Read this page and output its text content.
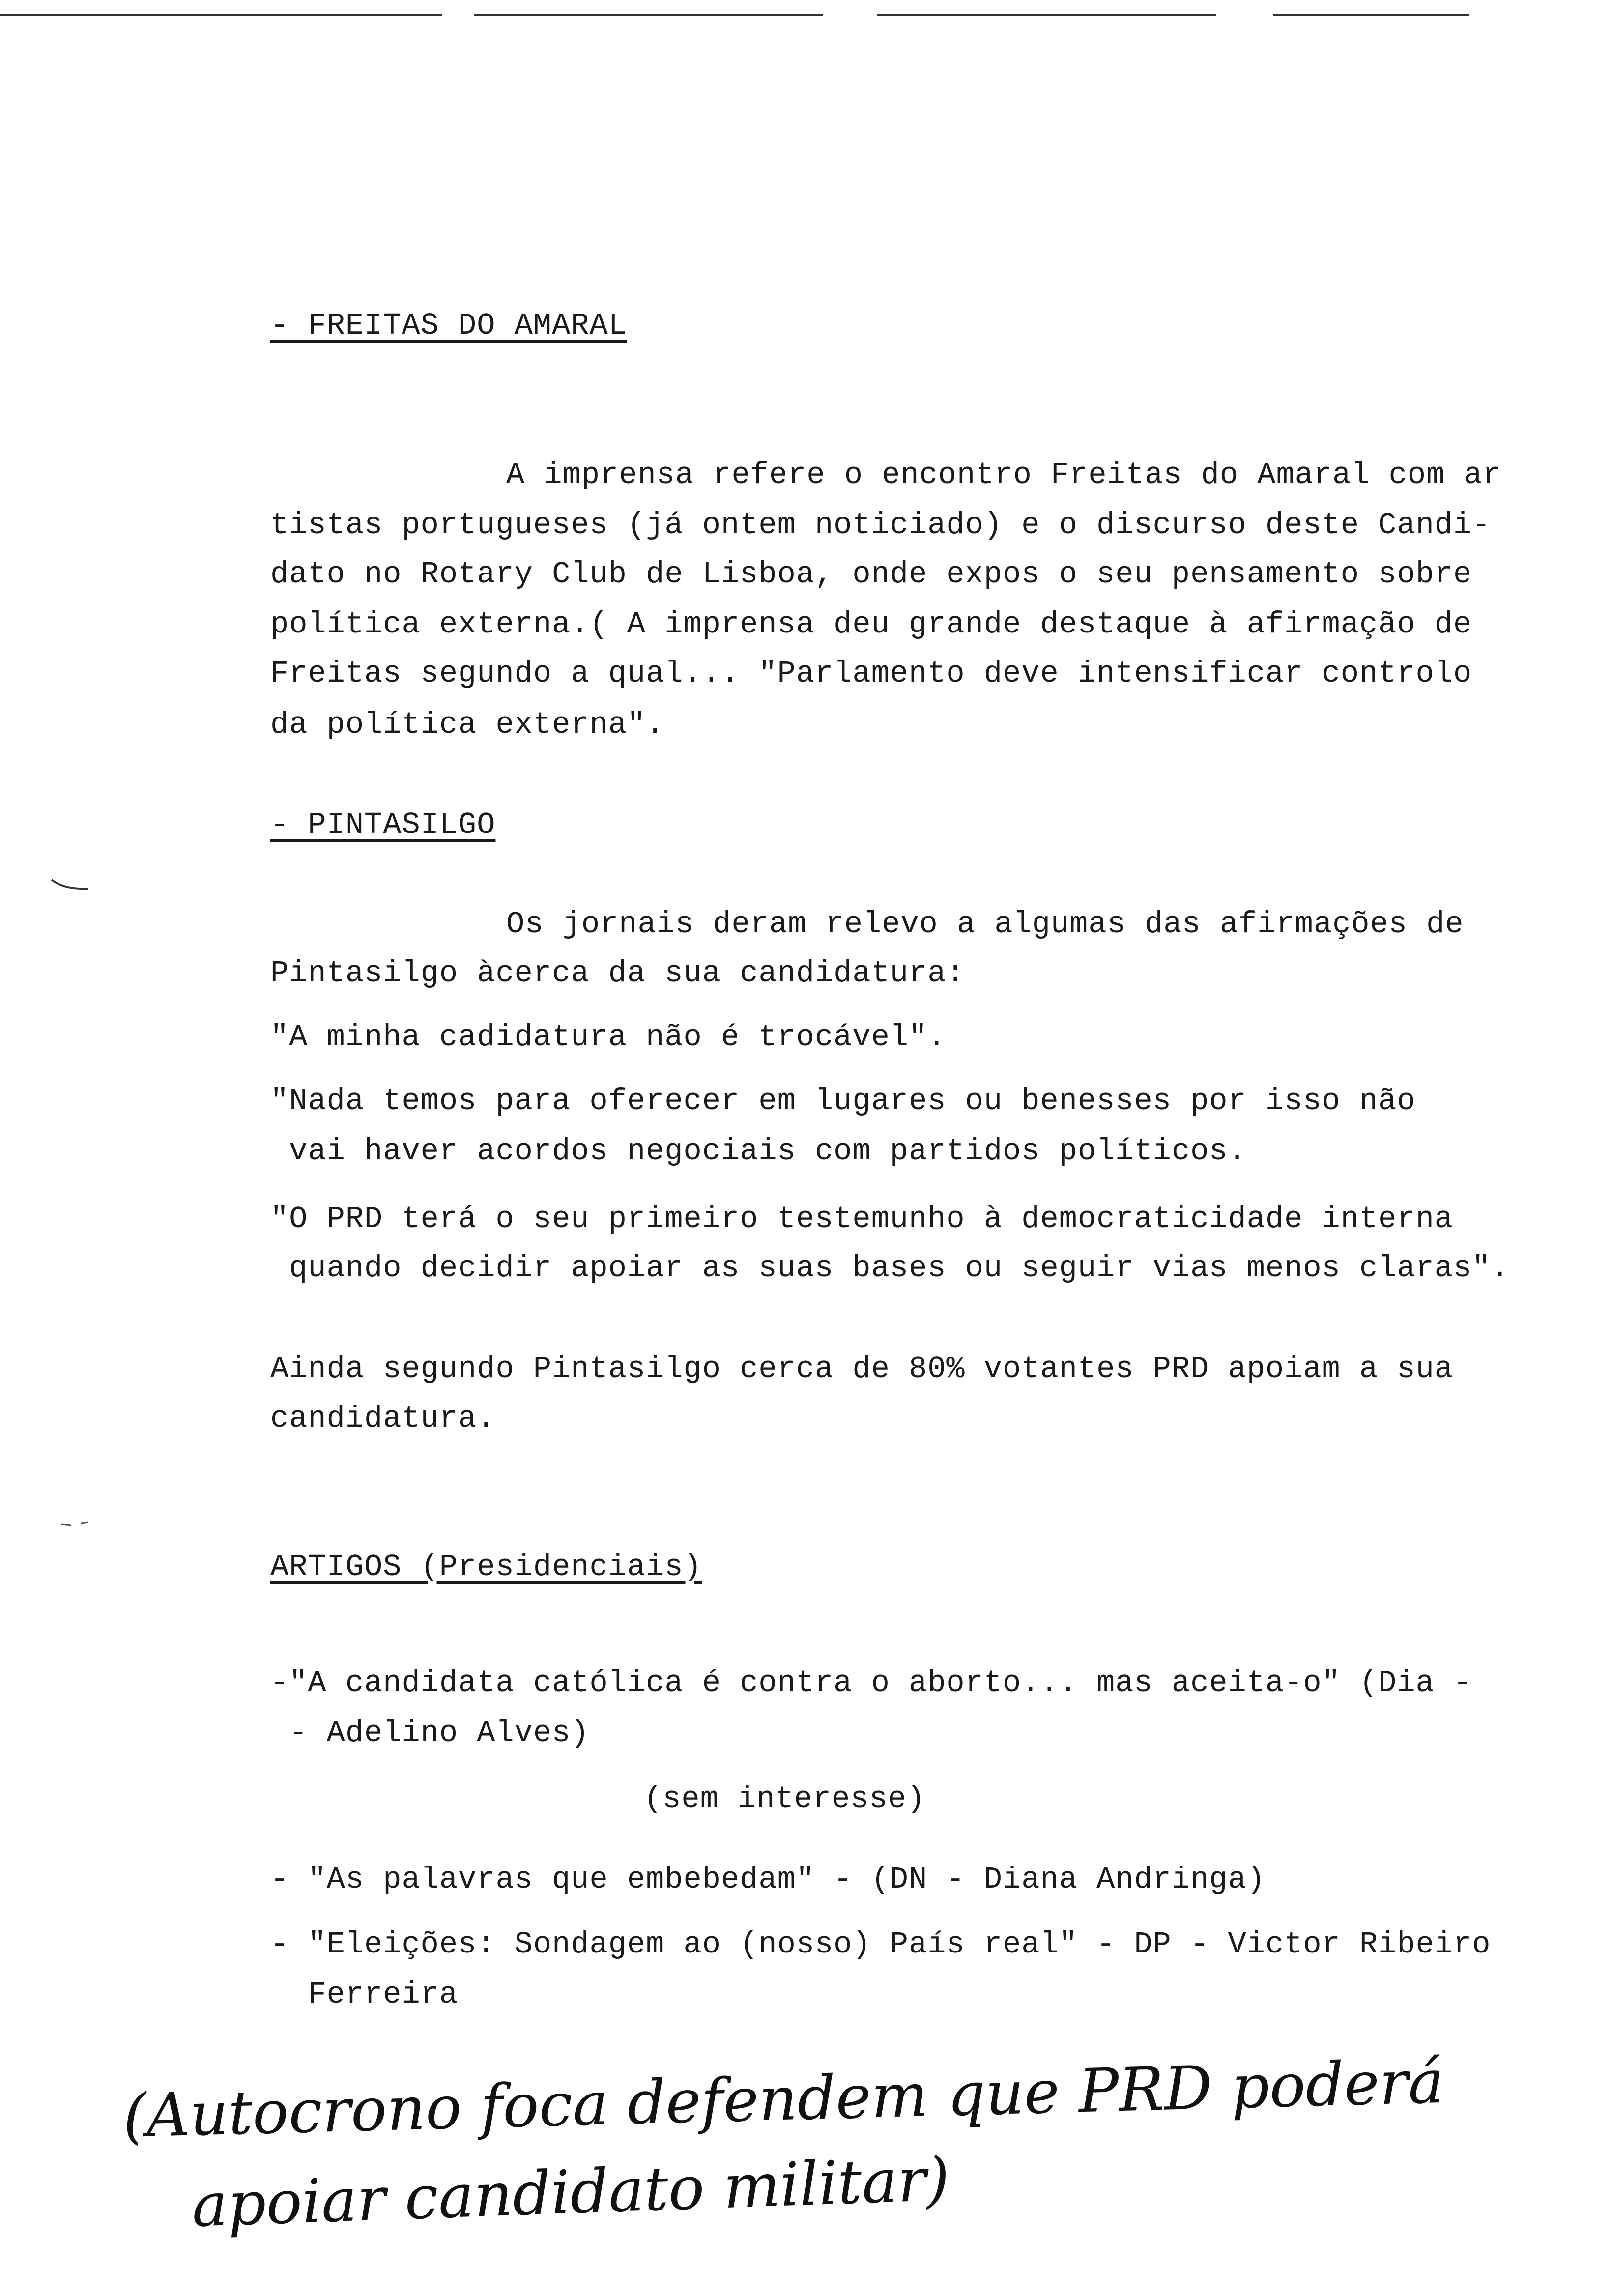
- FREITAS DO AMARAL
A imprensa refere o encontro Freitas do Amaral com ar
tistas portugueses (já ontem noticiado) e o discurso deste Candi-
dato no Rotary Club de Lisboa, onde expos o seu pensamento sobre
política externa.( A imprensa deu grande destaque à afirmação de
Freitas segundo a qual... "Parlamento deve intensificar controlo
da política externa".
- PINTASILGO
Os jornais deram relevo a algumas das afirmações de
Pintasilgo àcerca da sua candidatura:
"A minha cadidatura não é trocável".
"Nada temos para oferecer em lugares ou benesses por isso não
vai haver acordos negociais com partidos políticos.
"O PRD terá o seu primeiro testemunho à democraticidade interna
quando decidir apoiar as suas bases ou seguir vias menos claras".
Ainda segundo Pintasilgo cerca de 80% votantes PRD apoiam a sua
candidatura.
ARTIGOS (Presidenciais)
-"A candidata católica é contra o aborto... mas aceita-o" (Dia -
- Adelino Alves)
(sem interesse)
- "As palavras que embebedam" - (DN - Diana Andringa)
- "Eleições: Sondagem ao (nosso) País real" - DP - Victor Ribeiro
Ferreira
(Autocrono foca defendem que PRD poderá
apoiar candidato militar)
